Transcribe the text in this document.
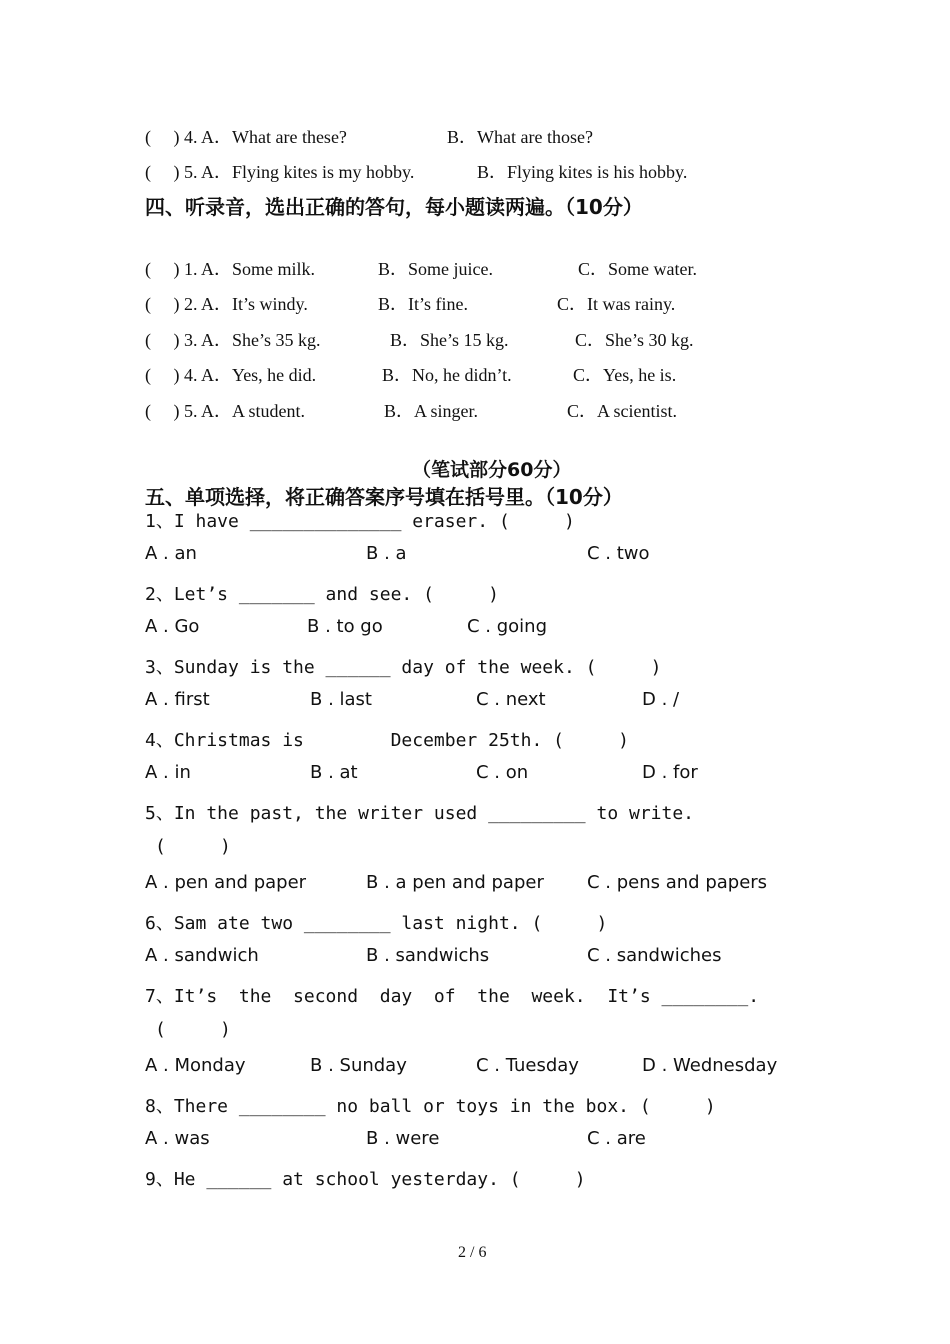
(     ) 4. A．What are these?	B．What are those?
(     ) 5. A．Flying kites is my hobby.	B．Flying kites is his hobby.
四、听录音，选出正确的答句，每小题读两遍。（10分）
(     ) 1. A．Some milk.	B．Some juice.	C．Some water.
(     ) 2. A．It’s windy.	B．It’s fine.	C．It was rainy.
(     ) 3. A．She’s 35 kg.	B．She’s 15 kg.	C．She’s 30 kg.
(     ) 4. A．Yes, he did.	B．No, he didn’t.	C．Yes, he is.
(     ) 5. A．A student.	B．A singer.	C．A scientist.
（笔试部分60分）
五、单项选择，将正确答案序号填在括号里。（10分）
1、I have ______________ eraser. (     )
A . an	B . a	C . two
2、Let’s _______ and see. (     )
A . Go	B . to go	C . going
3、Sunday is the ______ day of the week. (     )
A . first	B . last	C . next	D . /
4、Christmas is        December 25th. (     )
A . in	B . at	C . on	D . for
5、In the past, the writer used _________ to write.
(     )
A . pen and paper	B . a pen and paper C . pens and papers
6、Sam ate two ________ last night. (     )
A . sandwich	B . sandwichs	C . sandwiches
7、It’s  the  second  day  of  the  week.  It’s ________.
(     )
A . Monday	B . Sunday	C . Tuesday	D . Wednesday
8、There ________ no ball or toys in the box. (     )
A . was	B . were	C . are
9、He ______ at school yesterday. (     )
2 / 6
